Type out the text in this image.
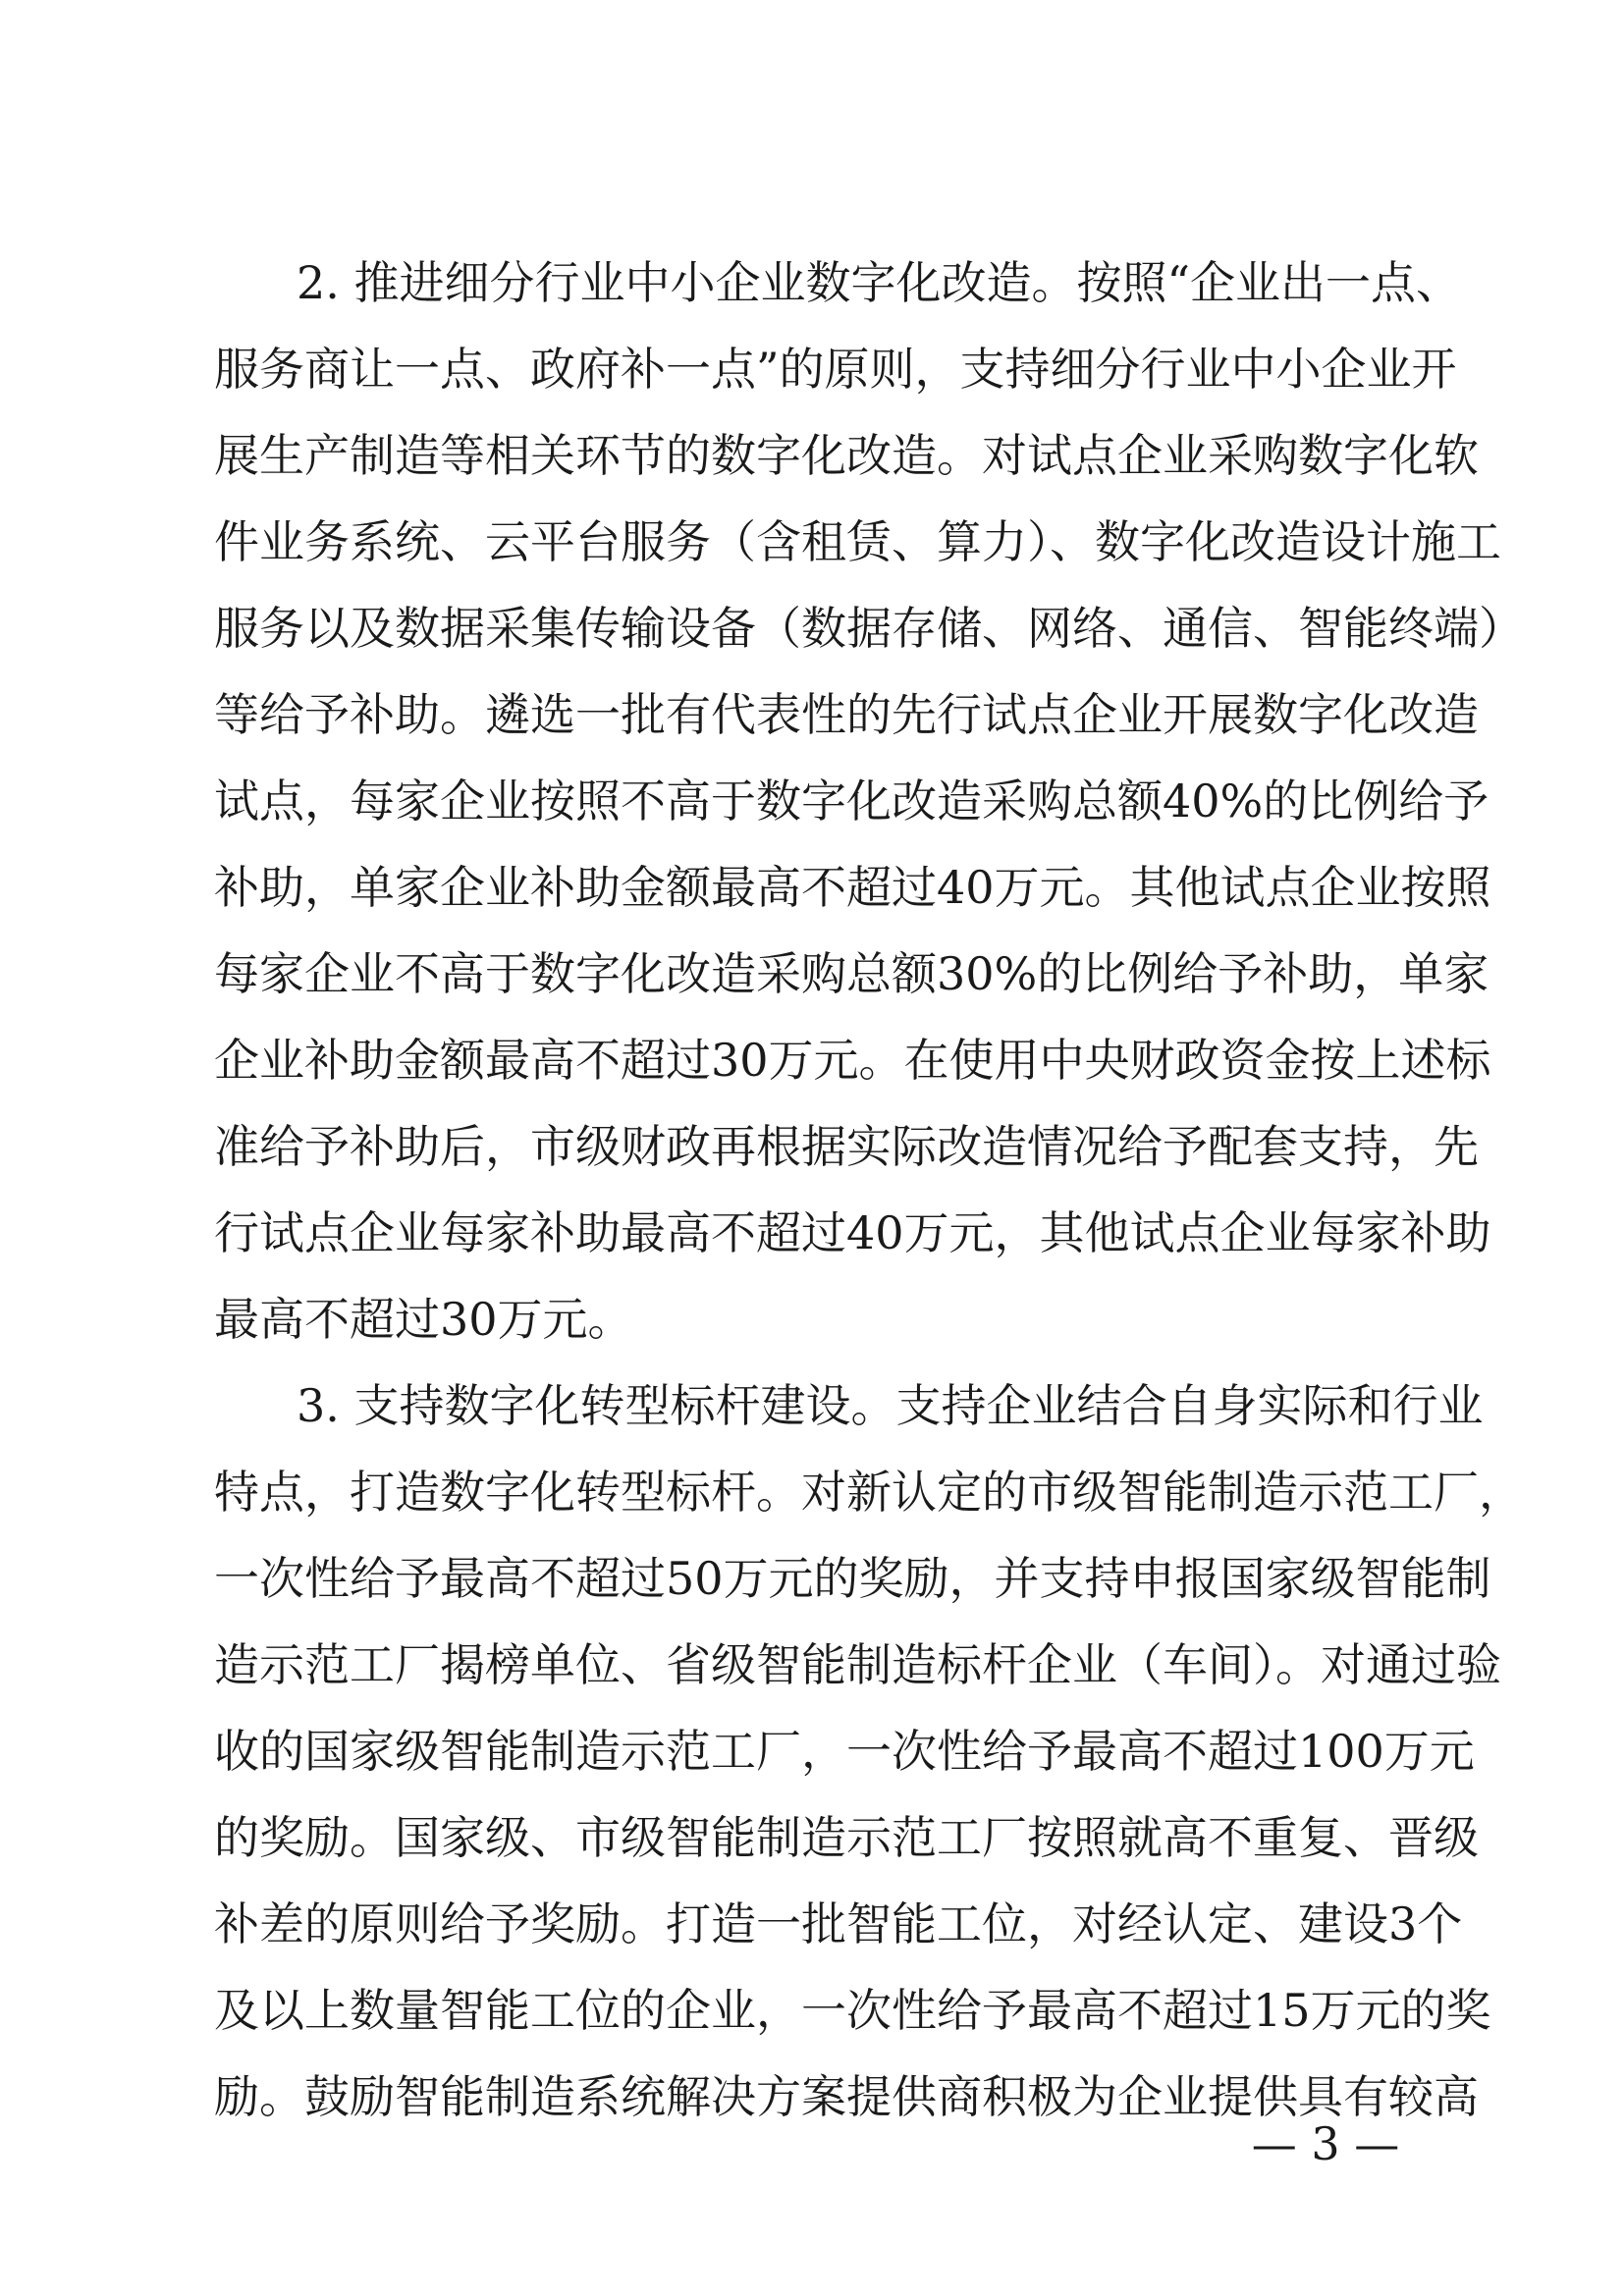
2. 推进细分行业中小企业数字化改造。按照“企业出一点、
服务商让一点、政府补一点”的原则，支持细分行业中小企业开
展生产制造等相关环节的数字化改造。对试点企业采购数字化软
件业务系统、云平台服务（含租赁、算力）、数字化改造设计施工
服务以及数据采集传输设备（数据存储、网络、通信、智能终端）
等给予补助。遴选一批有代表性的先行试点企业开展数字化改造
试点，每家企业按照不高于数字化改造采购总额40%的比例给予
补助，单家企业补助金额最高不超过40万元。其他试点企业按照
每家企业不高于数字化改造采购总额30%的比例给予补助，单家
企业补助金额最高不超过30万元。在使用中央财政资金按上述标
准给予补助后，市级财政再根据实际改造情况给予配套支持，先
行试点企业每家补助最高不超过40万元，其他试点企业每家补助
最高不超过30万元。
3. 支持数字化转型标杆建设。支持企业结合自身实际和行业
特点，打造数字化转型标杆。对新认定的市级智能制造示范工厂，
一次性给予最高不超过50万元的奖励，并支持申报国家级智能制
造示范工厂揭榜单位、省级智能制造标杆企业（车间）。对通过验
收的国家级智能制造示范工厂，一次性给予最高不超过100万元
的奖励。国家级、市级智能制造示范工厂按照就高不重复、晋级
补差的原则给予奖励。打造一批智能工位，对经认定、建设3个
及以上数量智能工位的企业，一次性给予最高不超过15万元的奖
励。鼓励智能制造系统解决方案提供商积极为企业提供具有较高
— 3 —
